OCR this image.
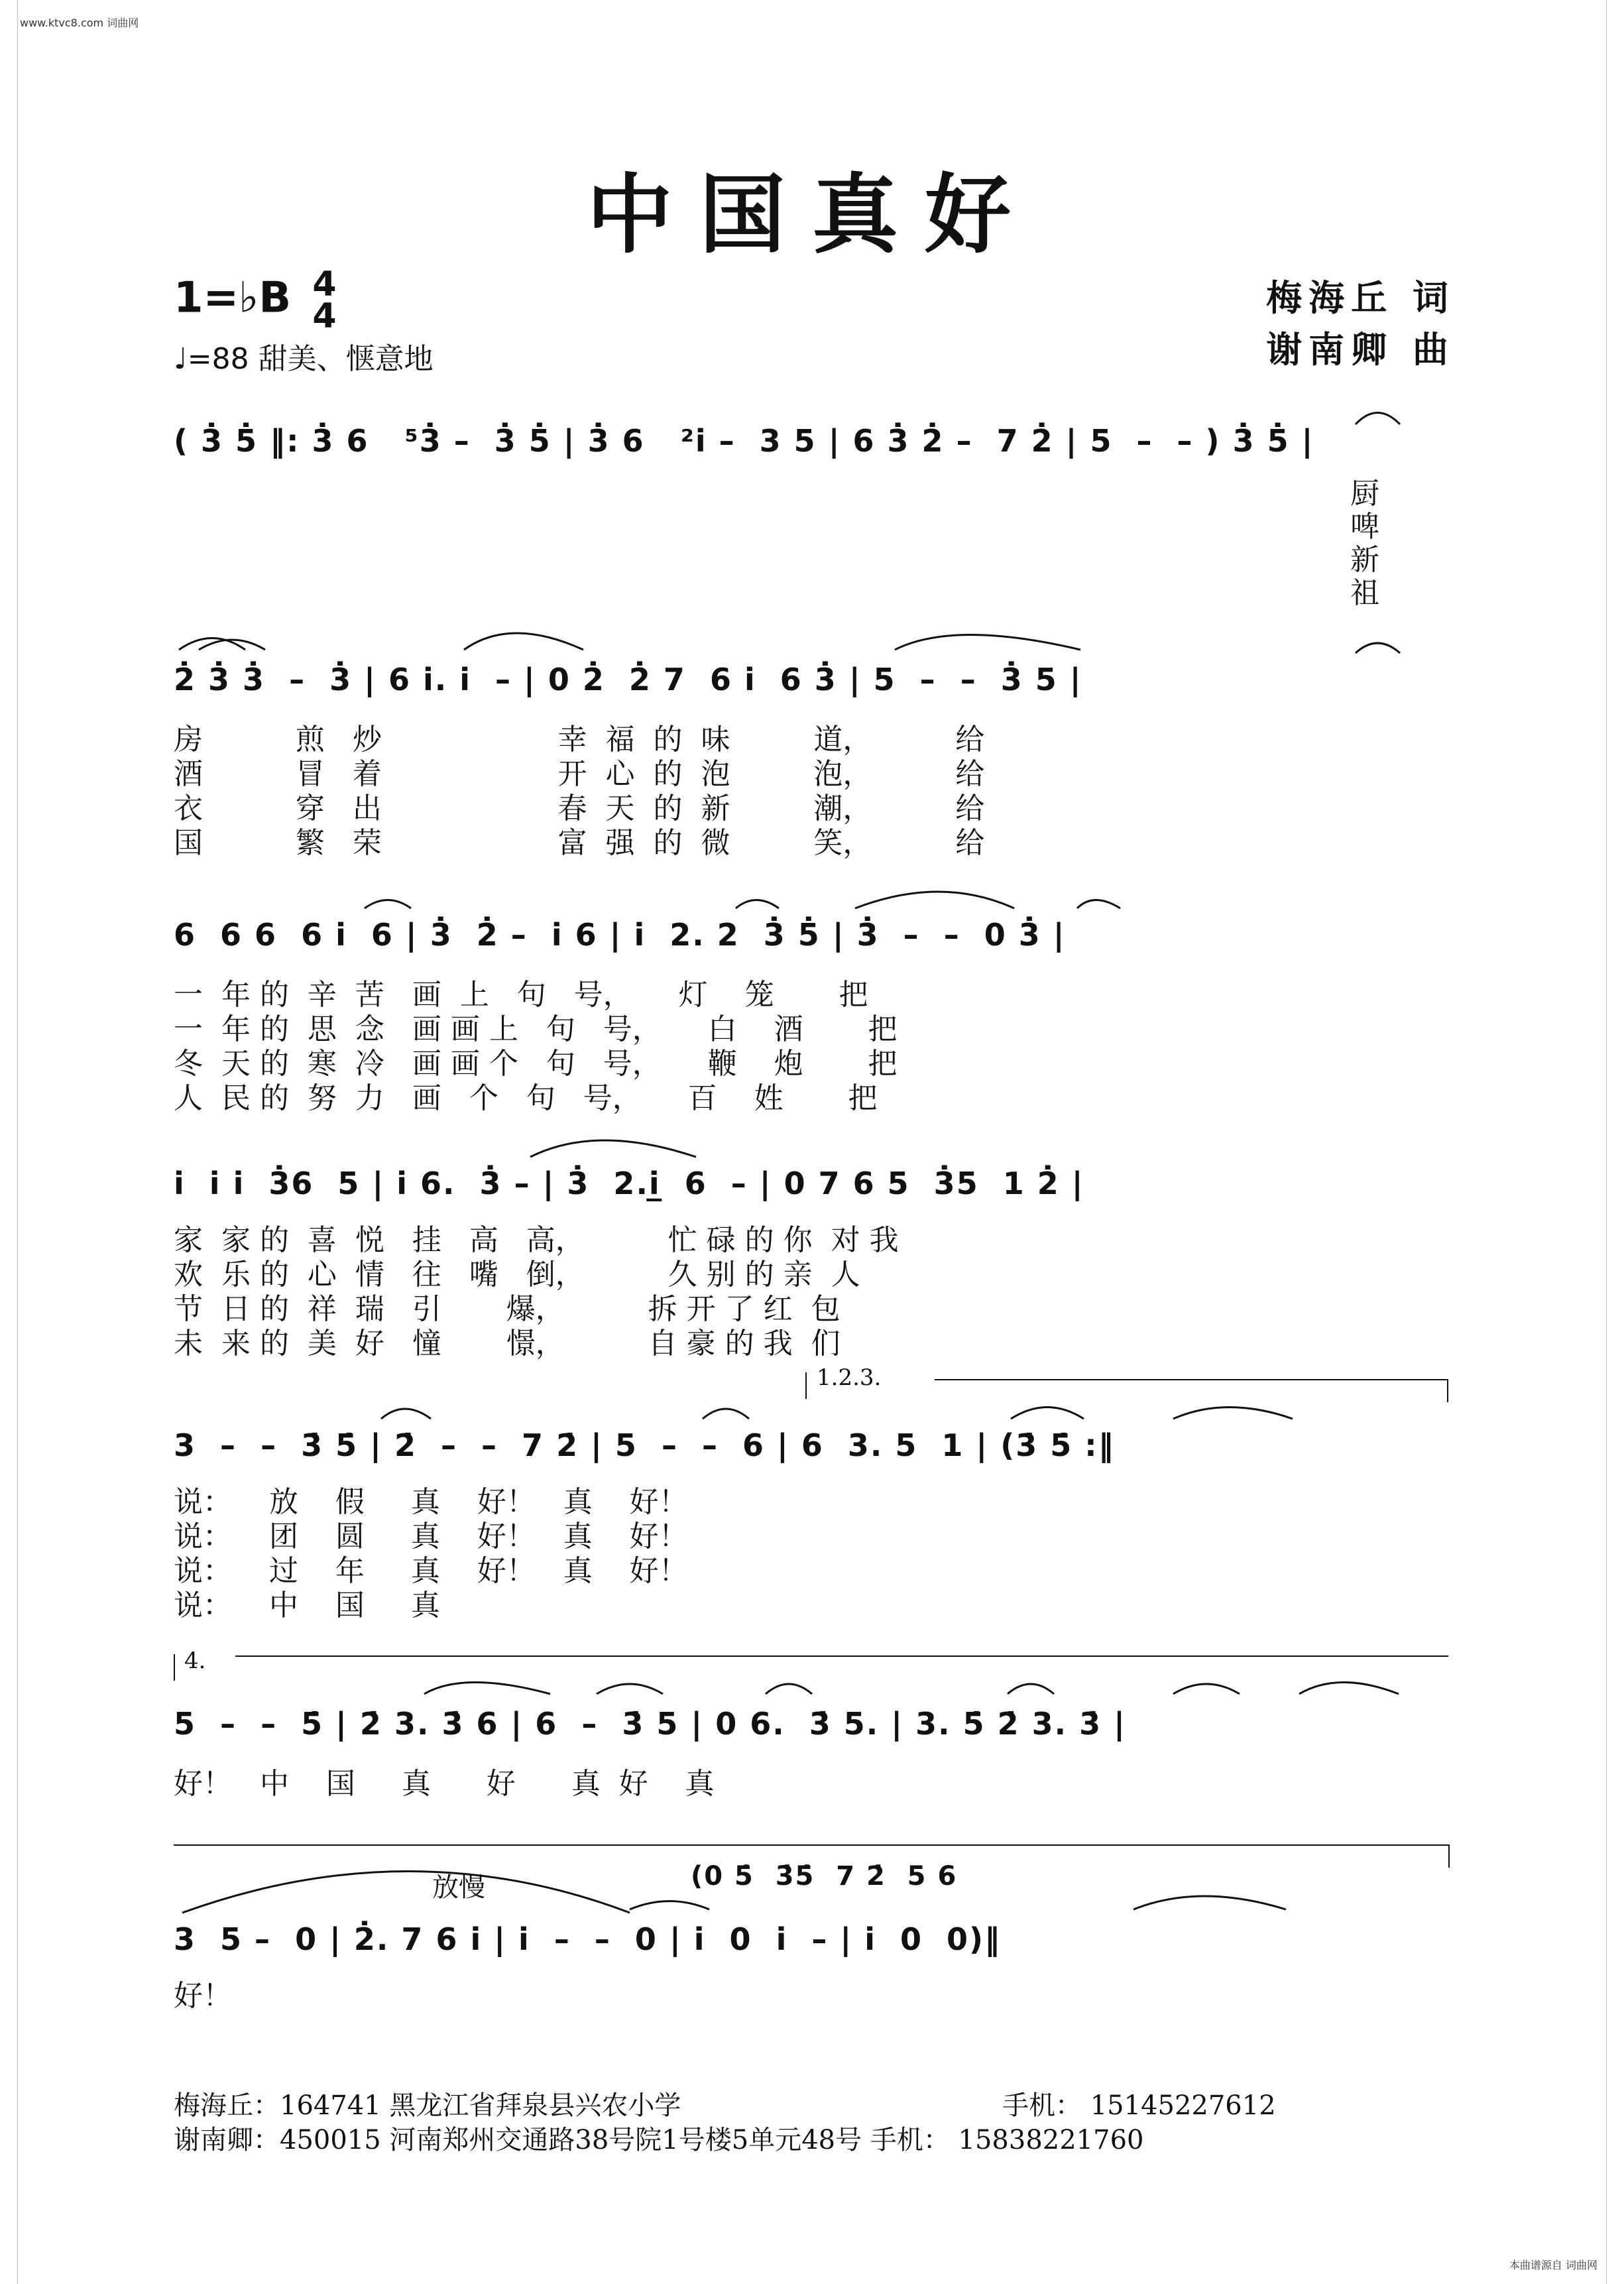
www.ktvc8.com 词曲网
中国真好
1=♭B 4
4
♩=88 甜美、惬意地
梅海丘 词
谢南卿 曲
( 3̇ 5̇ ‖: 3̇ 6   ⁵3̇ –  3̇ 5̇ | 3̇ 6   ²i –  3 5 | 6 3̇ 2̇ –  7 2̇ | 5  –  – ) 3̇ 5̇ |
厨
啤
新
祖
2̇ 3̇ 3̇  –  3̇ | 6 i. i  – | 0 2̇  2̇ 7  6 i  6 3̇ | 5  –  –  3̇ 5 |
房          煎   炒                   幸  福  的  味         道，         给
酒          冒   着                   开  心  的  泡         泡，         给
衣          穿   出                   春  天  的  新         潮，         给
国          繁   荣                   富  强  的  微         笑，         给
6  6 6  6 i  6 | 3̇  2̇ –  i 6 | i  2. 2  3̇ 5̇ | 3̇  –  –  0 3̇ |
一  年 的  辛  苦   画  上   句   号，     灯    笼       把
一  年 的  思  念   画 画 上   句   号，     白    酒       把
冬  天 的  寒  冷   画 画 个   句   号，     鞭    炮       把
人  民 的  努  力   画   个   句   号，     百    姓       把
i  i i  3̇6  5 | i 6.  3̇ – | 3̇  2.i̲  6  – | 0 7 6 5  3̇5  1 2̇ |
家  家 的  喜  悦   挂   高   高，         忙 碌 的 你  对 我
欢  乐 的  心  情   往   嘴   倒，         久 别 的 亲  人
节  日 的  祥  瑞   引       爆，         拆 开 了 红  包
未  来 的  美  好   憧       憬，         自 豪 的 我  们
1.2.3.
3  –  –  3̇ 5̇ | 2̇  –  –  7 2̇ | 5  –  –  6 | 6  3. 5  1 | (3̇ 5̇ :‖
说：    放    假     真    好！   真    好！
说：    团    圆     真    好！   真    好！
说：    过    年     真    好！   真    好！
说：    中    国     真
4.
5  –  –  5̇ | 2̇ 3. 3̇ 6 | 6  –  3̇ 5 | 0 6.  3̇ 5. | 3. 5̇ 2̇ 3. 3̇ |
好！   中    国     真      好      真  好    真
放慢	(0 5̇  3̇5̇  7 2̇  5 6
3  5 –  0 | 2̇. 7 6 i | i  –  –  0 | i  0  i  – | i  0  0)‖
好！
梅海丘：164741 黑龙江省拜泉县兴农小学	手机： 15145227612
谢南卿：450015 河南郑州交通路38号院1号楼5单元48号 手机： 15838221760
本曲谱源自 词曲网
